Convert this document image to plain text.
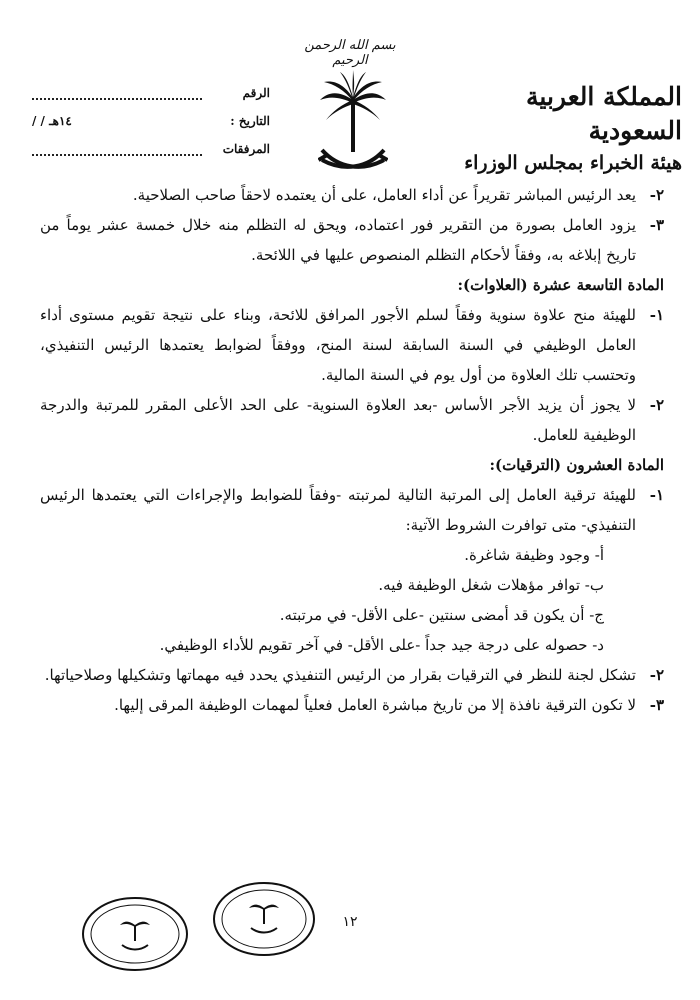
بسم الله الرحمن الرحيم
المملكة العربية السعودية
هيئة الخبراء بمجلس الوزراء
الرقم
التاريخ :
/ / ١٤هـ
المرفقات
٢-
يعد الرئيس المباشر تقريراً عن أداء العامل، على أن يعتمده لاحقاً صاحب الصلاحية.
٣-
يزود العامل بصورة من التقرير فور اعتماده، ويحق له التظلم منه خلال خمسة عشر يوماً من تاريخ إبلاغه به، وفقاً لأحكام التظلم المنصوص عليها في اللائحة.

المادة التاسعة عشرة (العلاوات):

١-
للهيئة منح علاوة سنوية وفقاً لسلم الأجور المرافق للائحة، وبناء على نتيجة تقويم مستوى أداء العامل الوظيفي في السنة السابقة لسنة المنح، ووفقاً لضوابط يعتمدها الرئيس التنفيذي، وتحتسب تلك العلاوة من أول يوم في السنة المالية.
٢-
لا يجوز أن يزيد الأجر الأساس -بعد العلاوة السنوية- على الحد الأعلى المقرر للمرتبة والدرجة الوظيفية للعامل.

المادة العشرون (الترقيات):

١-
للهيئة ترقية العامل إلى المرتبة التالية لمرتبته -وفقاً للضوابط والإجراءات التي يعتمدها الرئيس التنفيذي- متى توافرت الشروط الآتية:
أ- وجود وظيفة شاغرة.
ب- توافر مؤهلات شغل الوظيفة فيه.
ج- أن يكون قد أمضى سنتين -على الأقل- في مرتبته.
د- حصوله على درجة جيد جداً -على الأقل- في آخر تقويم للأداء الوظيفي.
٢-
تشكل لجنة للنظر في الترقيات بقرار من الرئيس التنفيذي يحدد فيه مهماتها وتشكيلها وصلاحياتها.
٣-
لا تكون الترقية نافذة إلا من تاريخ مباشرة العامل فعلياً لمهمات الوظيفة المرقى إليها.
١٢
